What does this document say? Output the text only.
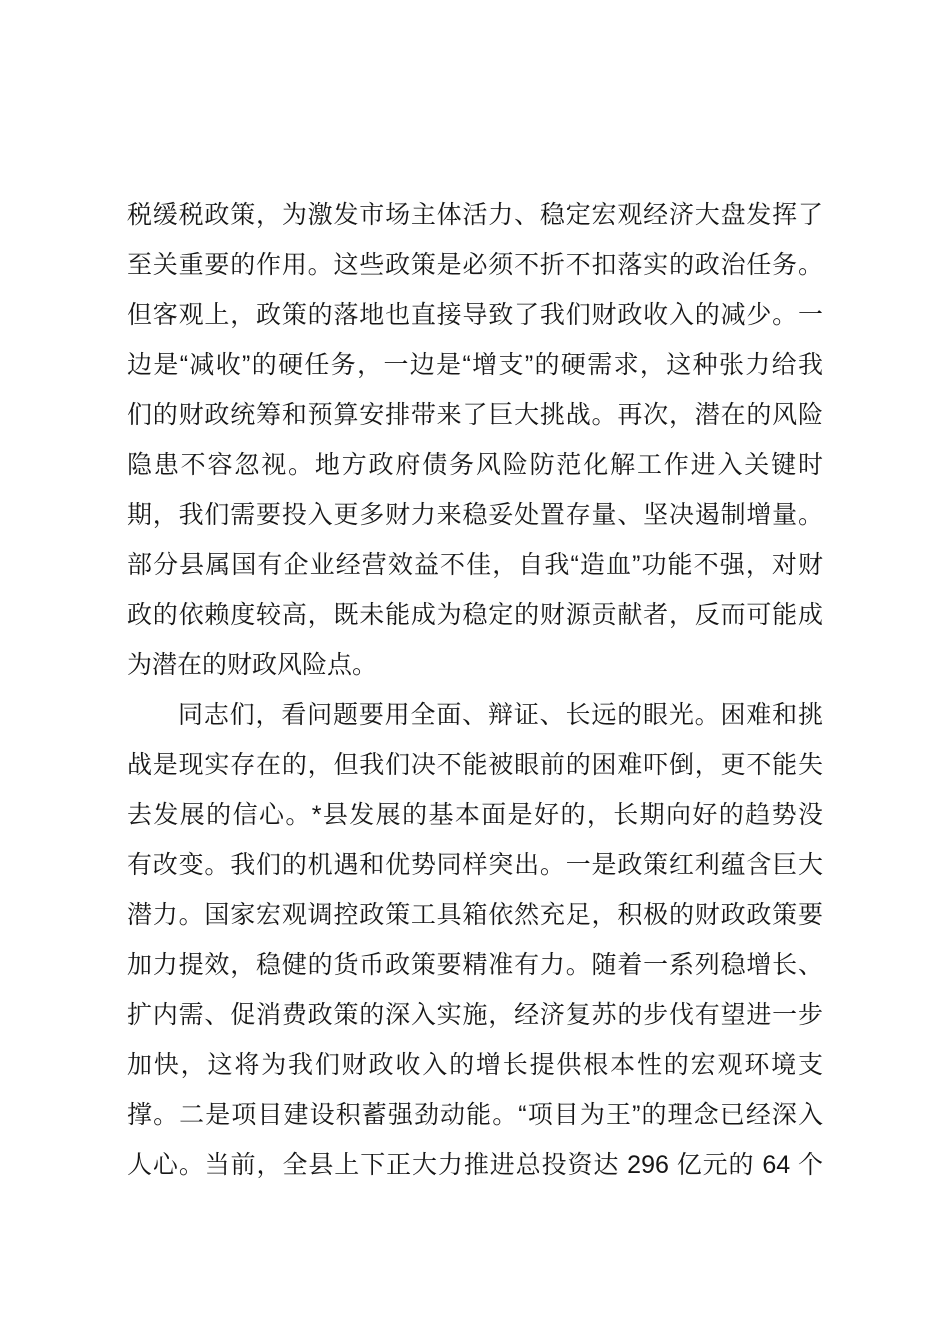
税缓税政策，为激发市场主体活力、稳定宏观经济大盘发挥了
至关重要的作用。这些政策是必须不折不扣落实的政治任务。
但客观上，政策的落地也直接导致了我们财政收入的减少。一
边是“减收”的硬任务，一边是“增支”的硬需求，这种张力给我
们的财政统筹和预算安排带来了巨大挑战。再次，潜在的风险
隐患不容忽视。地方政府债务风险防范化解工作进入关键时
期，我们需要投入更多财力来稳妥处置存量、坚决遏制增量。
部分县属国有企业经营效益不佳，自我“造血”功能不强，对财
政的依赖度较高，既未能成为稳定的财源贡献者，反而可能成
为潜在的财政风险点。
同志们，看问题要用全面、辩证、长远的眼光。困难和挑
战是现实存在的，但我们决不能被眼前的困难吓倒，更不能失
去发展的信心。*县发展的基本面是好的，长期向好的趋势没
有改变。我们的机遇和优势同样突出。一是政策红利蕴含巨大
潜力。国家宏观调控政策工具箱依然充足，积极的财政政策要
加力提效，稳健的货币政策要精准有力。随着一系列稳增长、
扩内需、促消费政策的深入实施，经济复苏的步伐有望进一步
加快，这将为我们财政收入的增长提供根本性的宏观环境支
撑。二是项目建设积蓄强劲动能。“项目为王”的理念已经深入
人心。当前，全县上下正大力推进总投资达 296 亿元的 64 个
